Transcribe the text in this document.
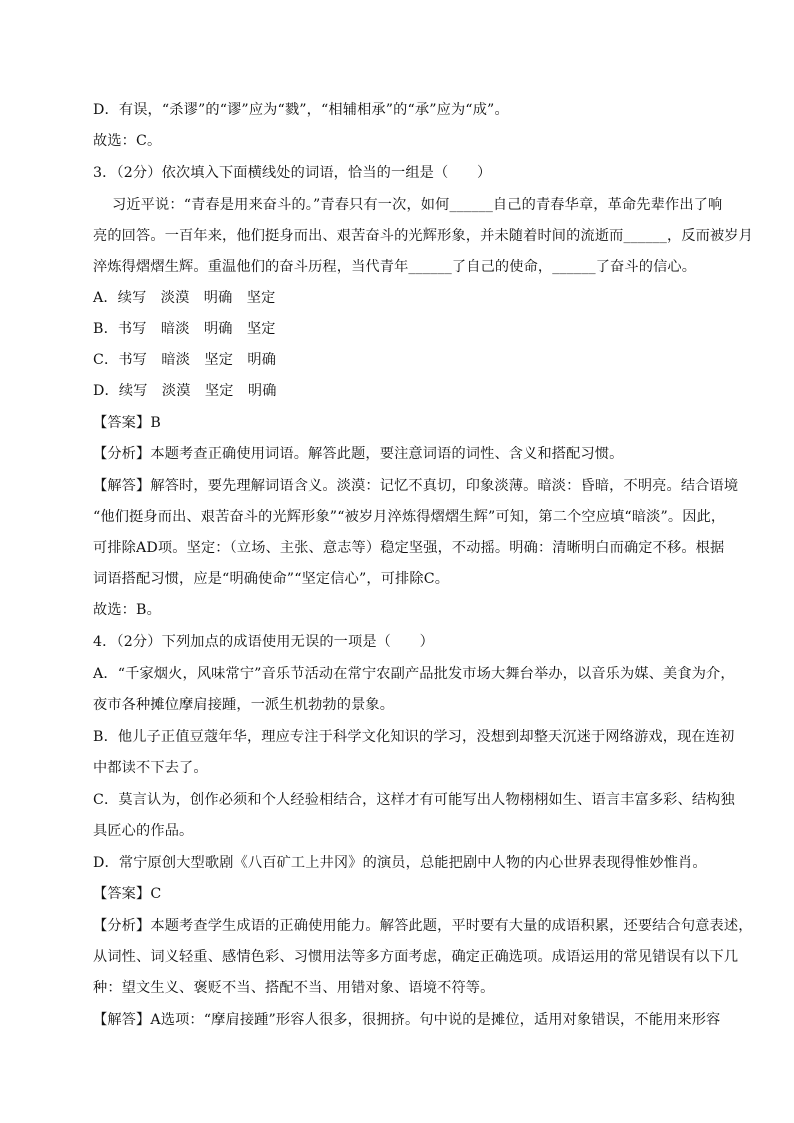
D．有误，“杀谬”的“谬”应为“戮”，“相辅相承”的“承”应为“成”。
故选：C。
3．（2分）依次填入下面横线处的词语，恰当的一组是（　　）
习近平说：“青春是用来奋斗的。”青春只有一次，如何______自己的青春华章，革命先辈作出了响
亮的回答。一百年来，他们挺身而出、艰苦奋斗的光辉形象，并未随着时间的流逝而______，反而被岁月
淬炼得熠熠生辉。重温他们的奋斗历程，当代青年______了自己的使命，______了奋斗的信心。
A．续写　淡漠　明确　坚定
B．书写　暗淡　明确　坚定
C．书写　暗淡　坚定　明确
D．续写　淡漠　坚定　明确
【答案】B
【分析】本题考查正确使用词语。解答此题，要注意词语的词性、含义和搭配习惯。
【解答】解答时，要先理解词语含义。淡漠：记忆不真切，印象淡薄。暗淡：昏暗，不明亮。结合语境
“他们挺身而出、艰苦奋斗的光辉形象”“被岁月淬炼得熠熠生辉”可知，第二个空应填“暗淡”。因此，
可排除AD项。坚定：（立场、主张、意志等）稳定坚强，不动摇。明确：清晰明白而确定不移。根据
词语搭配习惯，应是“明确使命”“坚定信心”，可排除C。
故选：B。
4．（2分）下列加点的成语使用无误的一项是（　　）
A．“千家烟火，风味常宁”音乐节活动在常宁农副产品批发市场大舞台举办，以音乐为媒、美食为介，
夜市各种摊位摩肩接踵，一派生机勃勃的景象。
B．他儿子正值豆蔻年华，理应专注于科学文化知识的学习，没想到却整天沉迷于网络游戏，现在连初
中都读不下去了。
C．莫言认为，创作必须和个人经验相结合，这样才有可能写出人物栩栩如生、语言丰富多彩、结构独
具匠心的作品。
D．常宁原创大型歌剧《八百矿工上井冈》的演员，总能把剧中人物的内心世界表现得惟妙惟肖。
【答案】C
【分析】本题考查学生成语的正确使用能力。解答此题，平时要有大量的成语积累，还要结合句意表述，
从词性、词义轻重、感情色彩、习惯用法等多方面考虑，确定正确选项。成语运用的常见错误有以下几
种：望文生义、褒贬不当、搭配不当、用错对象、语境不符等。
【解答】A选项：“摩肩接踵”形容人很多，很拥挤。句中说的是摊位，适用对象错误，不能用来形容
